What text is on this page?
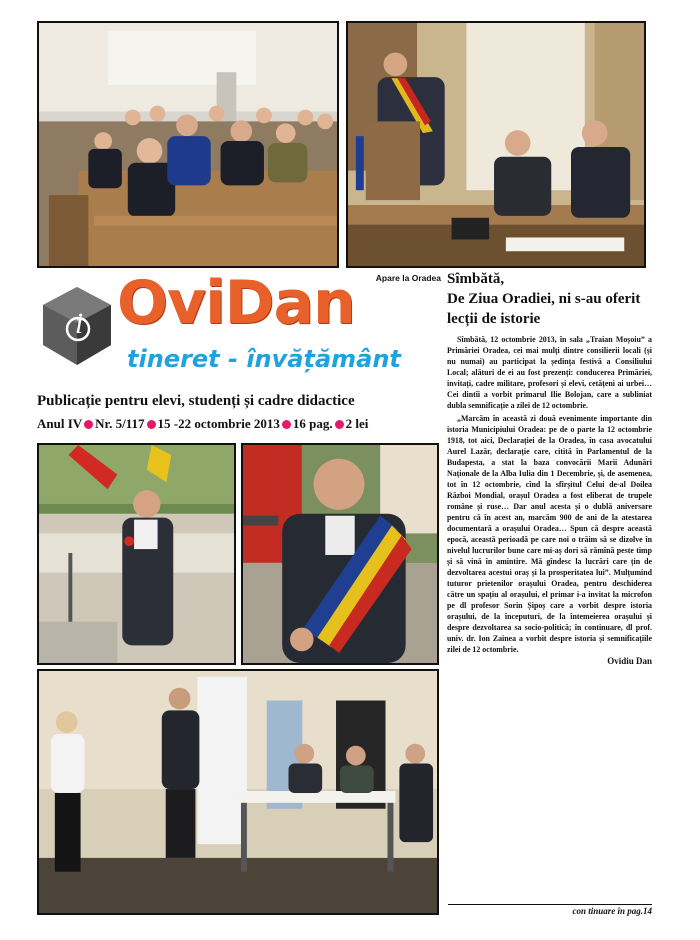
Apare la Oradea
i OviDan
tineret - învățământ
Publicație pentru elevi, studenți și cadre didactice
Anul IV Nr. 5/117 15 -22 octombrie 2013 16 pag. 2 lei
Sîmbătă,
De Ziua Oradiei, ni s-au oferit lecții de istorie

Sîmbătă, 12 octombrie 2013, în sala „Traian Moșoiu” a Primăriei Oradea, cei mai mulți dintre consilierii locali (și nu numai) au participat la ședința festivă a Consiliului Local; alături de ei au fost prezenți: conducerea Primăriei, invitați, cadre militare, profesori și elevi, cetățeni ai urbei… Cei dintîi a vorbit primarul Ilie Bolojan, care a subliniat dubla semnificație a zilei de 12 octombrie.

„Marcăm în această zi două evenimente importante din istoria Municipiului Oradea: pe de o parte la 12 octombrie 1918, tot aici, Declarației de la Oradea, în casa avocatului Aurel Lazăr, declarație care, citită în Parlamentul de la Budapesta, a stat la baza convocării Marii Adunări Naționale de la Alba Iulia din 1 Decembrie, și, de asemenea, tot în 12 octombrie, cînd la sfîrșitul Celui de-al Doilea Război Mondial, orașul Oradea a fost eliberat de trupele române și ruse… Dar anul acesta și o dublă aniversare pentru că în acest an, marcăm 900 de ani de la atestarea documentară a orașului Oradea… Spun că despre această epocă, această perioadă pe care noi o trăim să se dizolve în nivelul lucrurilor bune care mi-aș dori să rămînă peste timp și să vină în amintire. Mă gîndesc la lucrări care țin de dezvoltarea acestui oraș și la prosperitatea lui”. Mulțumind tuturor prietenilor orașului Oradea, pentru deschiderea către un spațiu al orașului, el primar i-a invitat la microfon pe dl profesor Sorin Șipoș care a vorbit despre istoria orașului, de la începuturi, de la întemeierea orașului și despre dezvoltarea sa socio-politică; în continuare, dl prof. univ. dr. Ion Zainea a vorbit despre istoria și semnificațiile zilei de 12 octombrie.

Ovidiu Dan
con tinuare în pag.14
